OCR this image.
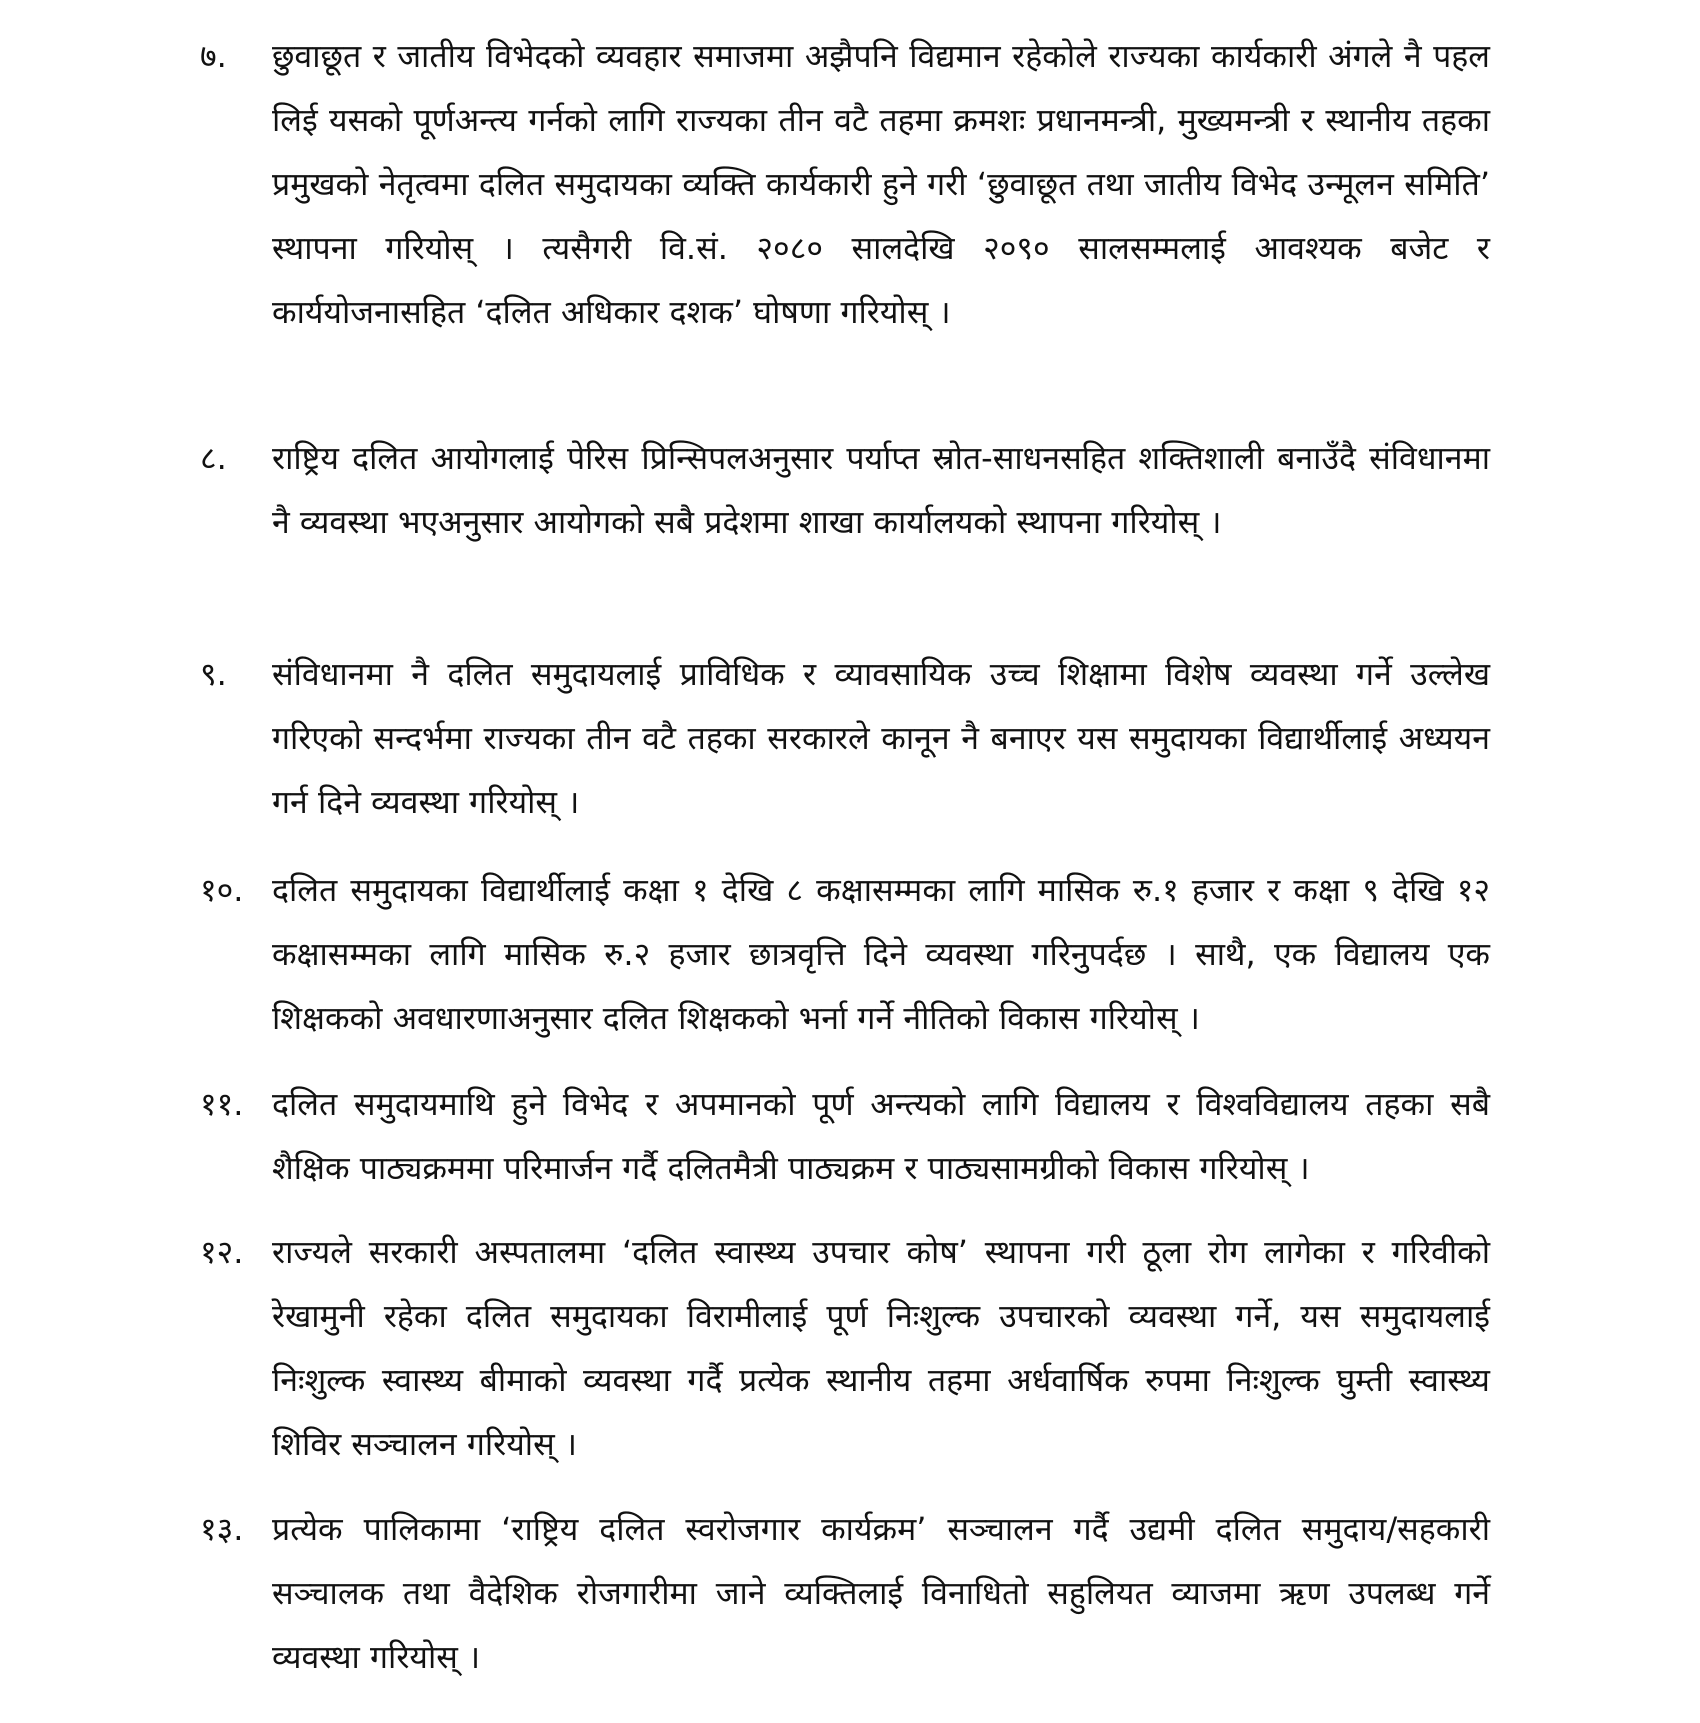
७.	छुवाछूत र जातीय विभेदको व्यवहार समाजमा अझैपनि विद्यमान रहेकोले राज्यका कार्यकारी अंगले नै पहल लिई यसको पूर्णअन्त्य गर्नको लागि राज्यका तीन वटै तहमा क्रमशः प्रधानमन्त्री, मुख्यमन्त्री र स्थानीय तहका प्रमुखको नेतृत्वमा दलित समुदायका व्यक्ति कार्यकारी हुने गरी ‘छुवाछूत तथा जातीय विभेद उन्मूलन समिति’ स्थापना गरियोस् । त्यसैगरी वि.सं. २०८० सालदेखि २०९० सालसम्मलाई आवश्यक बजेट र कार्ययोजनासहित ‘दलित अधिकार दशक’ घोषणा गरियोस् ।
८.	राष्ट्रिय दलित आयोगलाई पेरिस प्रिन्सिपलअनुसार पर्याप्त स्रोत-साधनसहित शक्तिशाली बनाउँदै संविधानमा नै व्यवस्था भएअनुसार आयोगको सबै प्रदेशमा शाखा कार्यालयको स्थापना गरियोस् ।
९.	संविधानमा नै दलित समुदायलाई प्राविधिक र व्यावसायिक उच्च शिक्षामा विशेष व्यवस्था गर्ने उल्लेख गरिएको सन्दर्भमा राज्यका तीन वटै तहका सरकारले कानून नै बनाएर यस समुदायका विद्यार्थीलाई अध्ययन गर्न दिने व्यवस्था गरियोस् ।
१०. दलित समुदायका विद्यार्थीलाई कक्षा १ देखि ८ कक्षासम्मका लागि मासिक रु.१ हजार र कक्षा ९ देखि १२ कक्षासम्मका लागि मासिक रु.२ हजार छात्रवृत्ति दिने व्यवस्था गरिनुपर्दछ । साथै, एक विद्यालय एक शिक्षकको अवधारणाअनुसार दलित शिक्षकको भर्ना गर्ने नीतिको विकास गरियोस् ।
११. दलित समुदायमाथि हुने विभेद र अपमानको पूर्ण अन्त्यको लागि विद्यालय र विश्वविद्यालय तहका सबै शैक्षिक पाठ्यक्रममा परिमार्जन गर्दै दलितमैत्री पाठ्यक्रम र पाठ्यसामग्रीको विकास गरियोस् ।
१२. राज्यले सरकारी अस्पतालमा ‘दलित स्वास्थ्य उपचार कोष’ स्थापना गरी ठूला रोग लागेका र गरिवीको रेखामुनी रहेका दलित समुदायका विरामीलाई पूर्ण निःशुल्क उपचारको व्यवस्था गर्ने, यस समुदायलाई निःशुल्क स्वास्थ्य बीमाको व्यवस्था गर्दै प्रत्येक स्थानीय तहमा अर्धवार्षिक रुपमा निःशुल्क घुम्ती स्वास्थ्य शिविर सञ्चालन गरियोस् ।
१३. प्रत्येक पालिकामा ‘राष्ट्रिय दलित स्वरोजगार कार्यक्रम’ सञ्चालन गर्दै उद्यमी दलित समुदाय/सहकारी सञ्चालक तथा वैदेशिक रोजगारीमा जाने व्यक्तिलाई विनाधितो सहुलियत व्याजमा ऋण उपलब्ध गर्ने व्यवस्था गरियोस् ।
